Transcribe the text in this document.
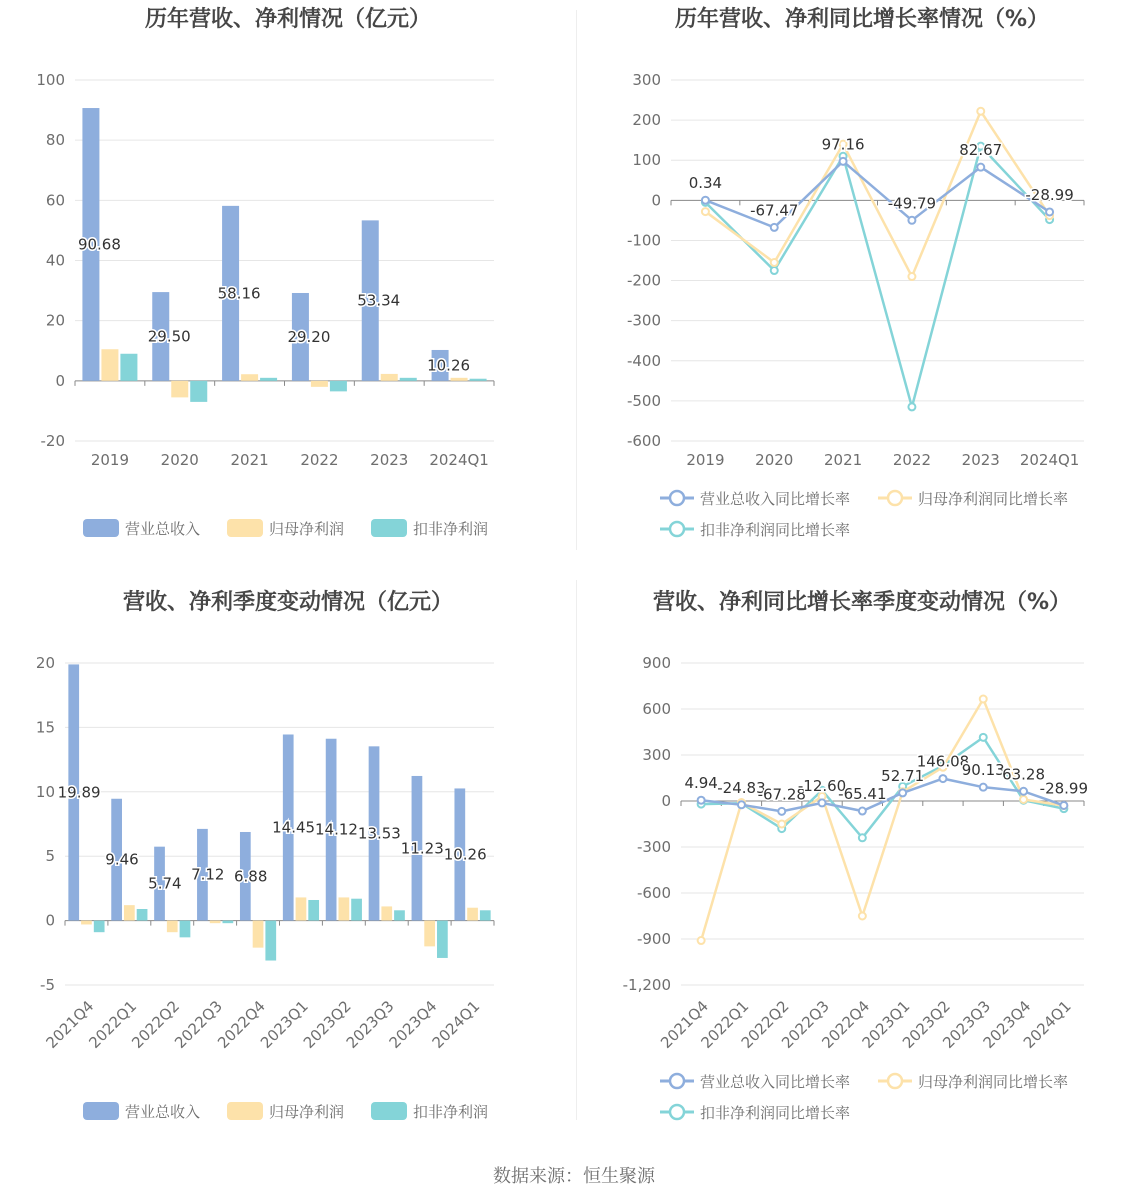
历年营收、净利情况（亿元）
-20
0
20
40
60
80
100
2019 2020 2021 2022 2023 2024Q1
90.68
29.50
58.16
29.20
53.34
10.26
营业总收入	归母净利润	扣非净利润
历年营收、净利同比增长率情况（%）
-600
-500
-400
-300
-200
-100
0
100
200
300
2019 2020 2021 2022 2023 2024Q1
0.34
-67.47
97.16
-49.79
82.67
-28.99
营业总收入同比增长率	归母净利润同比增长率
扣非净利润同比增长率
营收、净利季度变动情况（亿元）
-5
0
5
10
15
20
2021Q4
2022Q1
2022Q2
2022Q3
2022Q4
2023Q1
2023Q2
2023Q3
2023Q4
2024Q1
19.89
9.46
5.74 7.12 6.88
14.45 14.12 13.53
11.23 10.26
营业总收入	归母净利润	扣非净利润
营收、净利同比增长率季度变动情况（%）
-1,200
-900
-600
-300
0
300
600
900
2021Q4
2022Q1
2022Q2
2022Q3
2022Q4
2023Q1
2023Q2
2023Q3
2023Q4
2024Q1
4.94 -24.83
-67.28
-12.60
-65.41
52.71
146.08
90.13
63.28
-28.99
营业总收入同比增长率	归母净利润同比增长率
扣非净利润同比增长率
数据来源：恒生聚源
